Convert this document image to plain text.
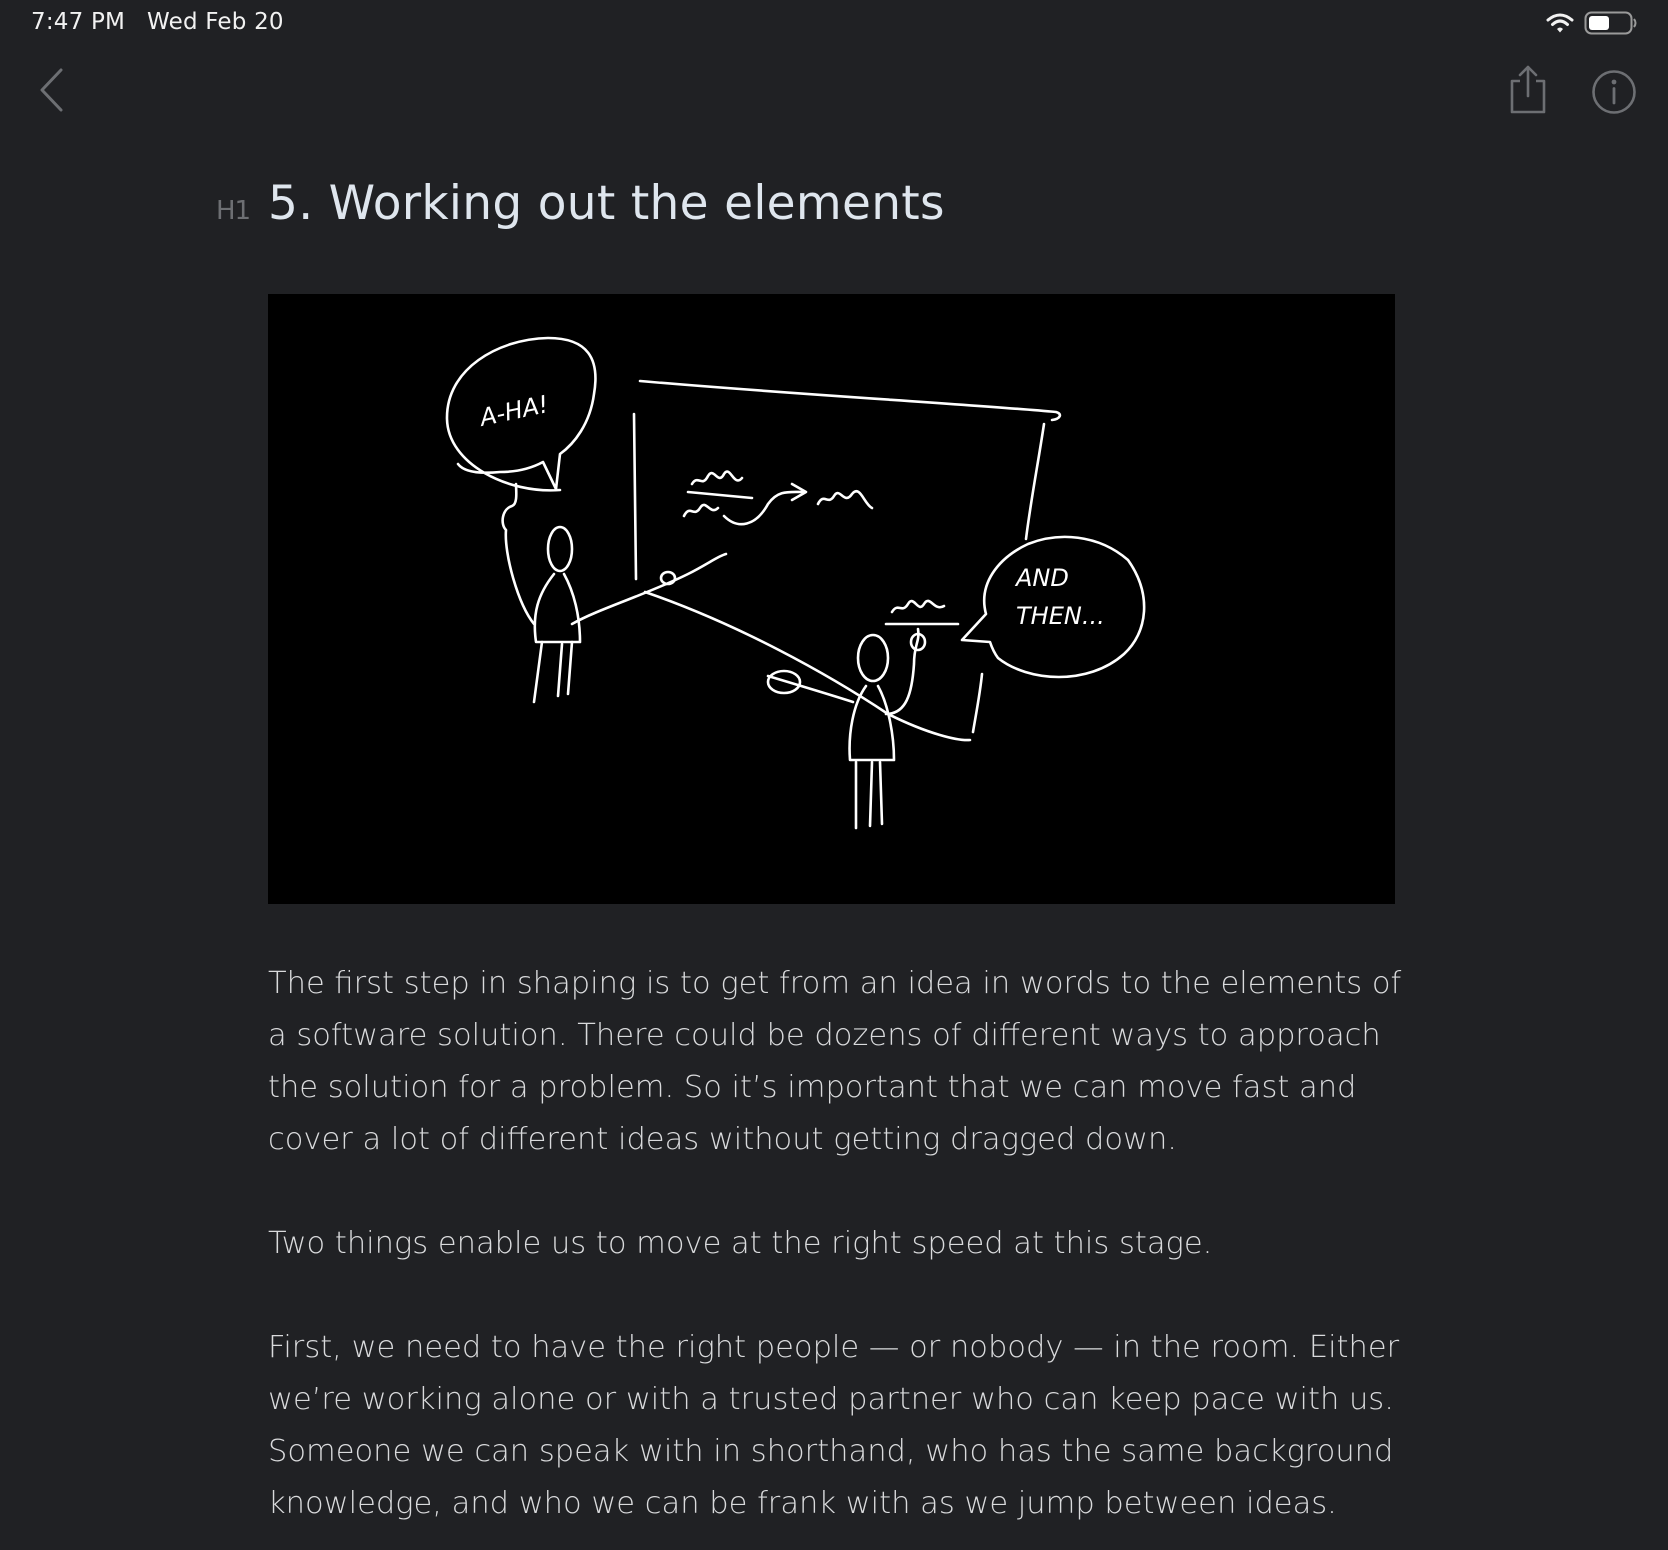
7:47 PM Wed Feb 20
H1 5. Working out the elements
A-HA!
AND
THEN...

The first step in shaping is to get from an idea in words to the elements of a software solution. There could be dozens of different ways to approach the solution for a problem. So it’s important that we can move fast and cover a lot of different ideas without getting dragged down.

Two things enable us to move at the right speed at this stage.

First, we need to have the right people — or nobody — in the room. Either we’re working alone or with a trusted partner who can keep pace with us. Someone we can speak with in shorthand, who has the same background knowledge, and who we can be frank with as we jump between ideas.
